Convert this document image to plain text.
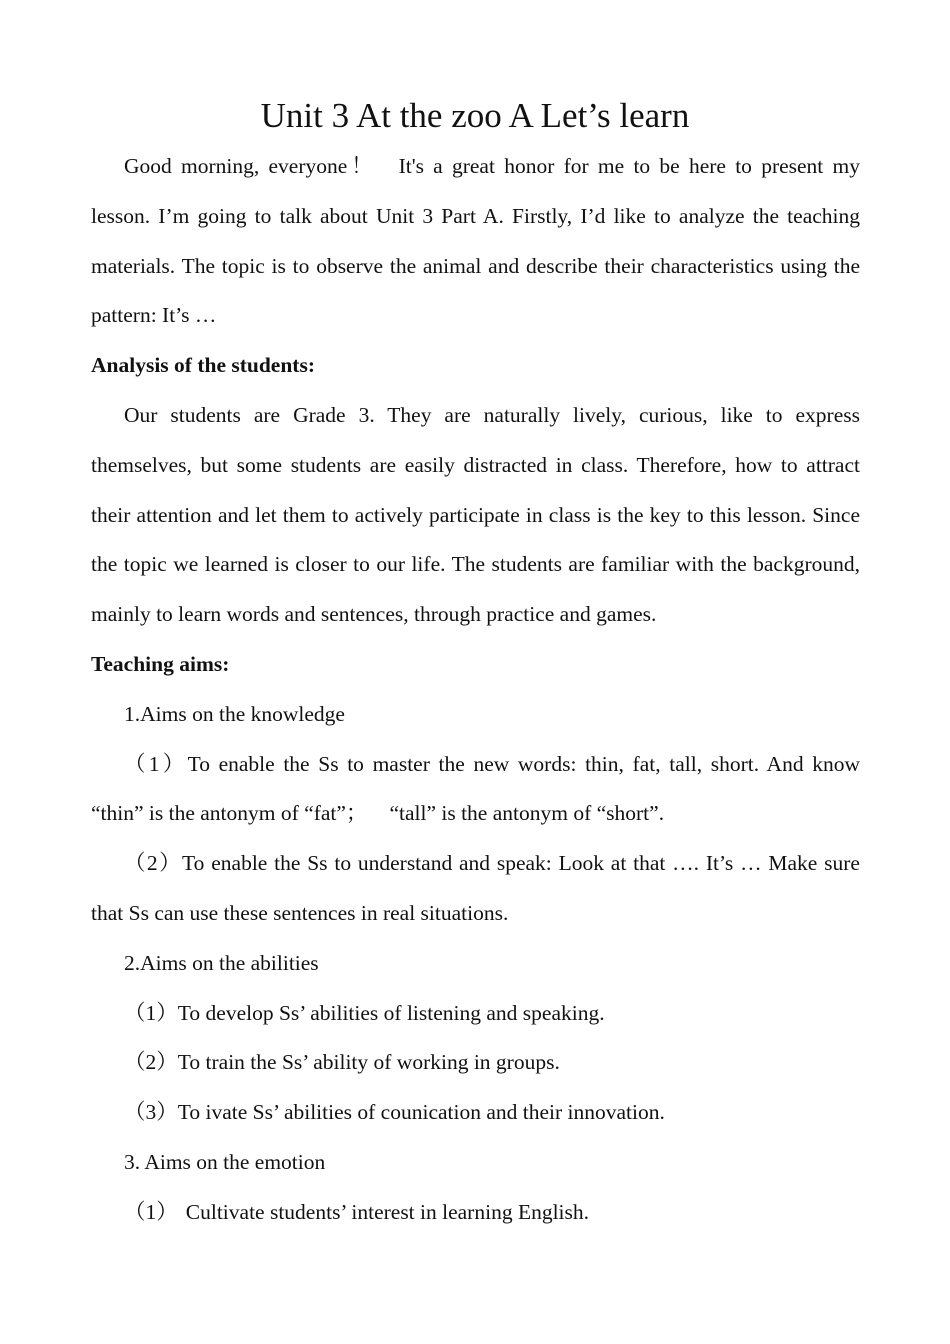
Unit 3 At the zoo A Let’s learn

Good morning, everyone！ It's a great honor for me to be here to present my lesson. I’m going to talk about Unit 3 Part A. Firstly, I’d like to analyze the teaching materials. The topic is to observe the animal and describe their characteristics using the pattern: It’s …

Analysis of the students:

Our students are Grade 3. They are naturally lively, curious, like to express themselves, but some students are easily distracted in class. Therefore, how to attract their attention and let them to actively participate in class is the key to this lesson. Since the topic we learned is closer to our life. The students are familiar with the background, mainly to learn words and sentences, through practice and games.

Teaching aims:

1.Aims on the knowledge

（1）To enable the Ss to master the new words: thin, fat, tall, short. And know “thin” is the antonym of “fat”； “tall” is the antonym of “short”.

（2）To enable the Ss to understand and speak: Look at that …. It’s … Make sure that Ss can use these sentences in real situations.

2.Aims on the abilities

（1）To develop Ss’ abilities of listening and speaking.

（2）To train the Ss’ ability of working in groups.

（3）To ivate Ss’ abilities of counication and their innovation.

3. Aims on the emotion

（1） Cultivate students’ interest in learning English.
